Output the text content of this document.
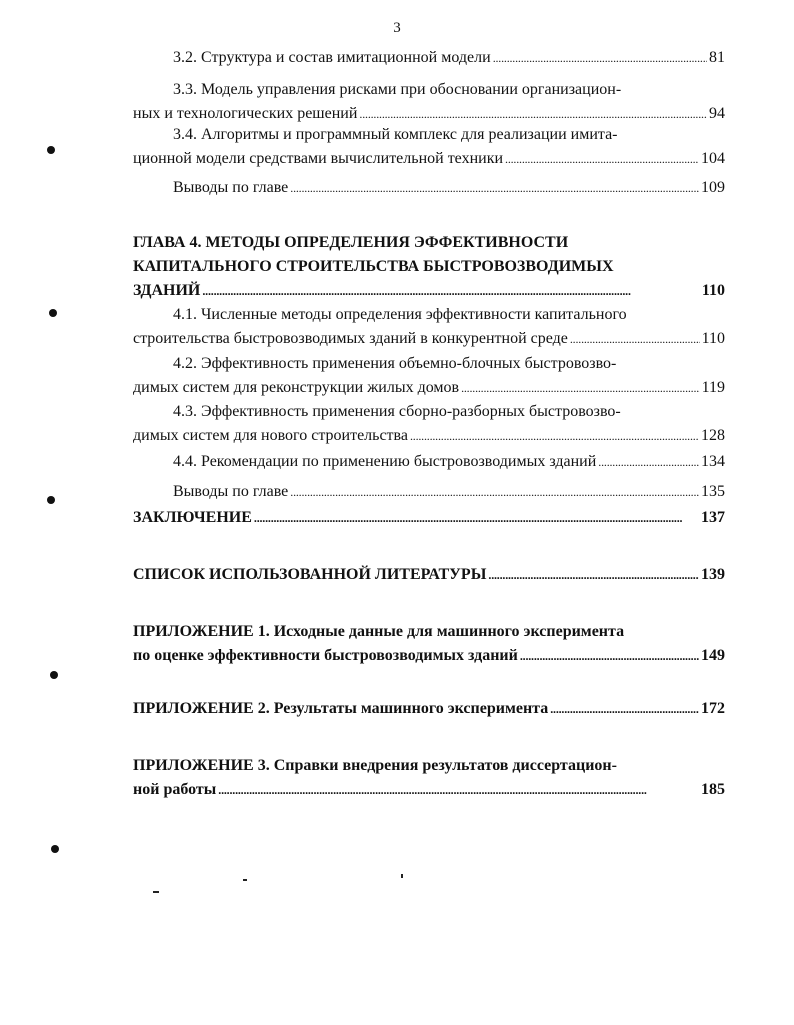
3
3.2. Структура и состав имитационной модели . . .	81
3.3. Модель управления рисками при обосновании организацион-
ных и технологических решений . . .	94
3.4. Алгоритмы и программный комплекс для реализации имита-
ционной модели средствами вычислительной техники . . .	104
Выводы по главе . . .	109
ГЛАВА 4. МЕТОДЫ ОПРЕДЕЛЕНИЯ ЭФФЕКТИВНОСТИ
КАПИТАЛЬНОГО СТРОИТЕЛЬСТВА БЫСТРОВОЗВОДИМЫХ
ЗДАНИЙ . . .	110
4.1. Численные методы определения эффективности капитального
строительства быстровозводимых зданий в конкурентной среде . . .	110
4.2. Эффективность применения объемно-блочных быстровозво-
димых систем для реконструкции жилых домов . . .	119
4.3. Эффективность применения сборно-разборных быстровозво-
димых систем для нового строительства . . .	128
4.4. Рекомендации по применению быстровозводимых зданий . . .	134
Выводы по главе . . .	135
ЗАКЛЮЧЕНИЕ . . .	137
СПИСОК ИСПОЛЬЗОВАННОЙ ЛИТЕРАТУРЫ . . .	139
ПРИЛОЖЕНИЕ 1. Исходные данные для машинного эксперимента
по оценке эффективности быстровозводимых зданий . . .	149
ПРИЛОЖЕНИЕ 2. Результаты машинного эксперимента . . .	172
ПРИЛОЖЕНИЕ 3. Справки внедрения результатов диссертацион-
ной работы . . .	185
